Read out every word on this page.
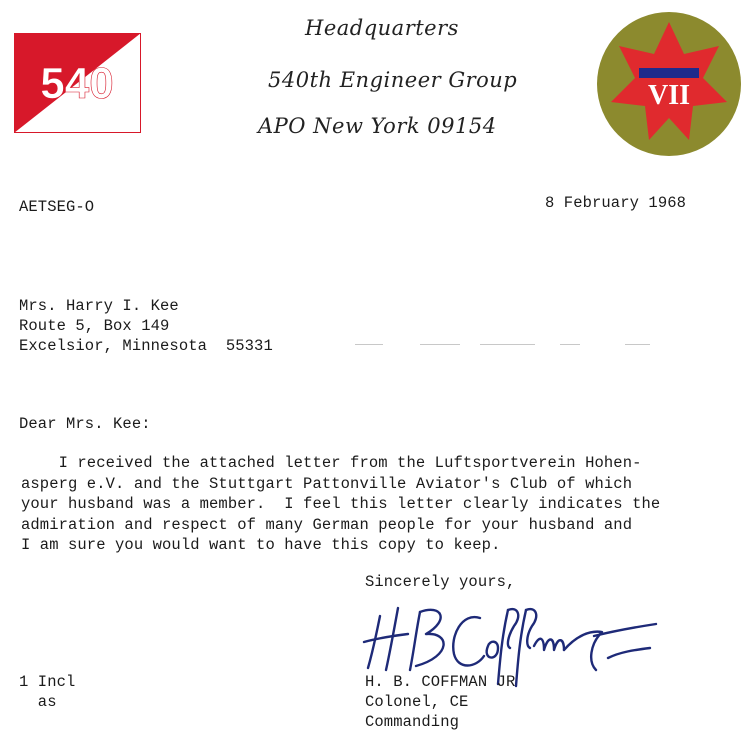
Headquarters
540th Engineer Group
APO New York 09154
540	VII
AETSEG-O	8 February 1968
Mrs. Harry I. Kee
Route 5, Box 149
Excelsior, Minnesota  55331
Dear Mrs. Kee:
I received the attached letter from the Luftsportverein Hohen-
asperg e.V. and the Stuttgart Pattonville Aviator's Club of which
your husband was a member.  I feel this letter clearly indicates the
admiration and respect of many German people for your husband and
I am sure you would want to have this copy to keep.
Sincerely yours,
H. B. COFFMAN JR
Colonel, CE
Commanding
1 Incl
as
